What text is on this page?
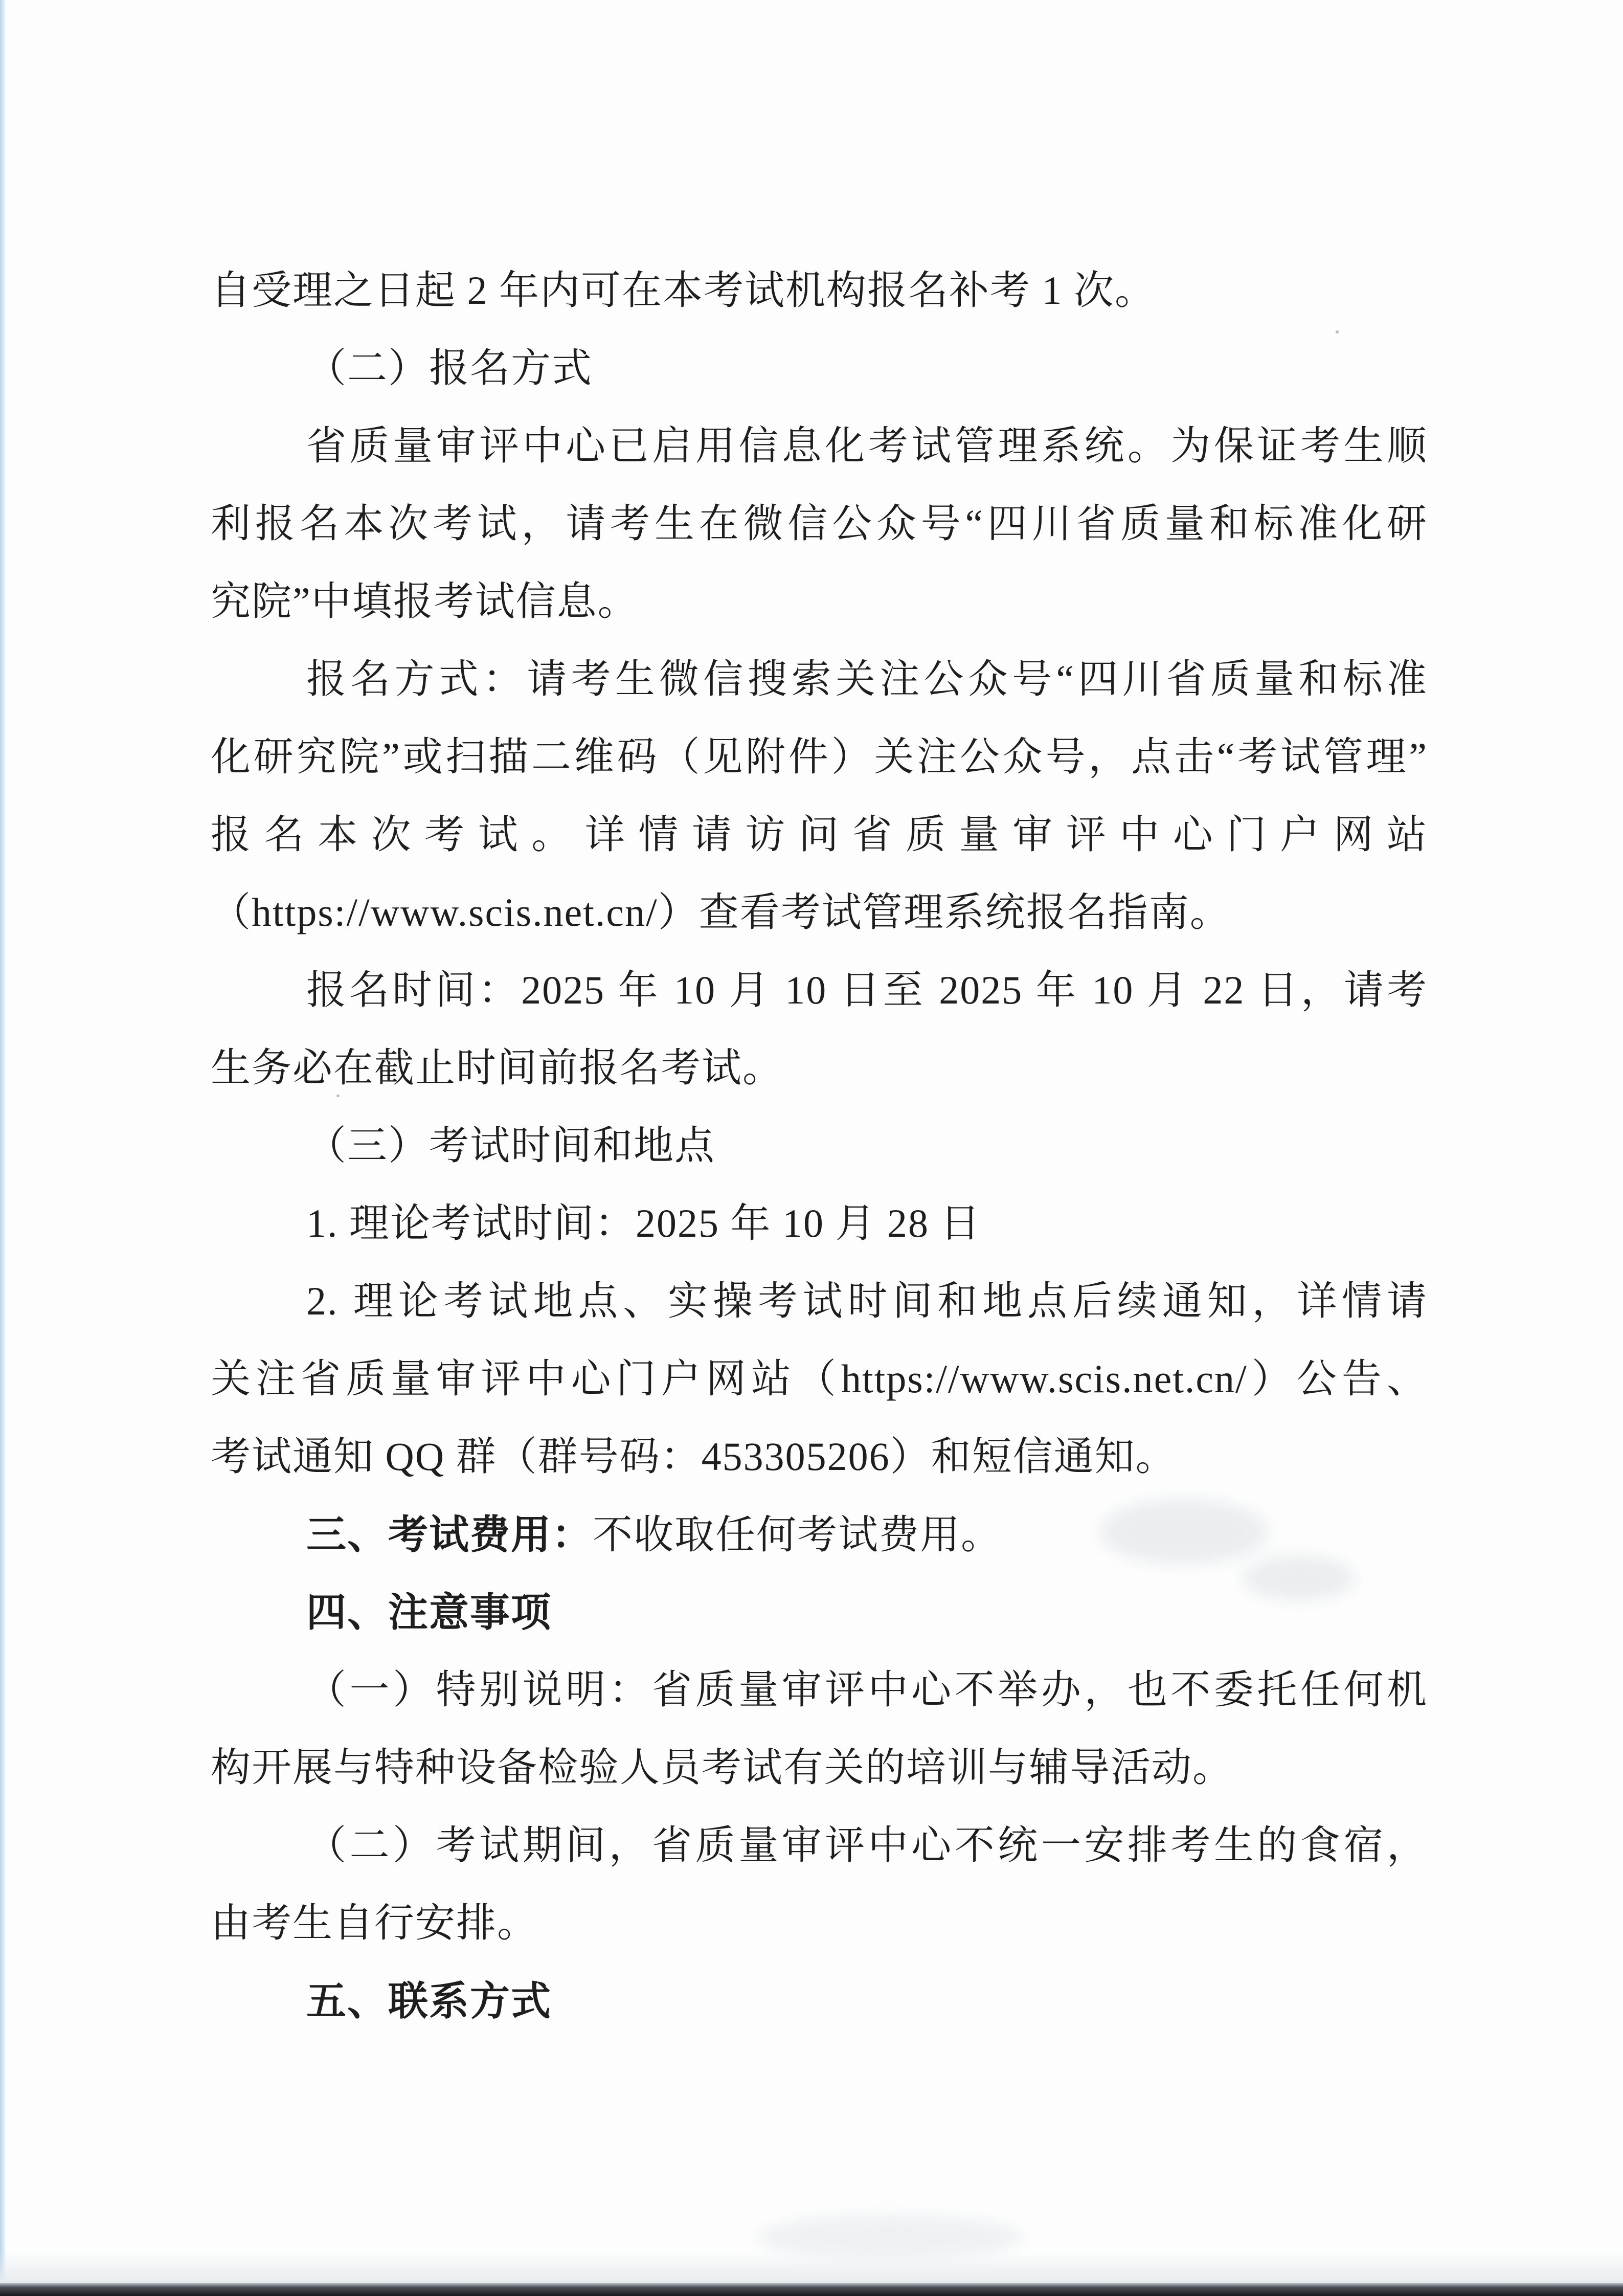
自受理之日起 2 年内可在本考试机构报名补考 1 次。

（二）报名方式

省质量审评中心已启用信息化考试管理系统。为保证考生顺

利报名本次考试，请考生在微信公众号“四川省质量和标准化研

究院”中填报考试信息。

报名方式：请考生微信搜索关注公众号“四川省质量和标准

化研究院”或扫描二维码（见附件）关注公众号，点击“考试管理”

报名本次考试。详情请访问省质量审评中心门户网站

（https://www.scis.net.cn/）查看考试管理系统报名指南。

报名时间：2025 年 10 月 10 日至 2025 年 10 月 22 日，请考

生务必在截止时间前报名考试。

（三）考试时间和地点

1. 理论考试时间：2025 年 10 月 28 日

2. 理论考试地点、实操考试时间和地点后续通知，详情请

关注省质量审评中心门户网站（https://www.scis.net.cn/）公告、

考试通知 QQ 群（群号码：453305206）和短信通知。

三、考试费用：不收取任何考试费用。

四、注意事项

（一）特别说明：省质量审评中心不举办，也不委托任何机

构开展与特种设备检验人员考试有关的培训与辅导活动。

（二）考试期间，省质量审评中心不统一安排考生的食宿，

由考生自行安排。

五、联系方式
